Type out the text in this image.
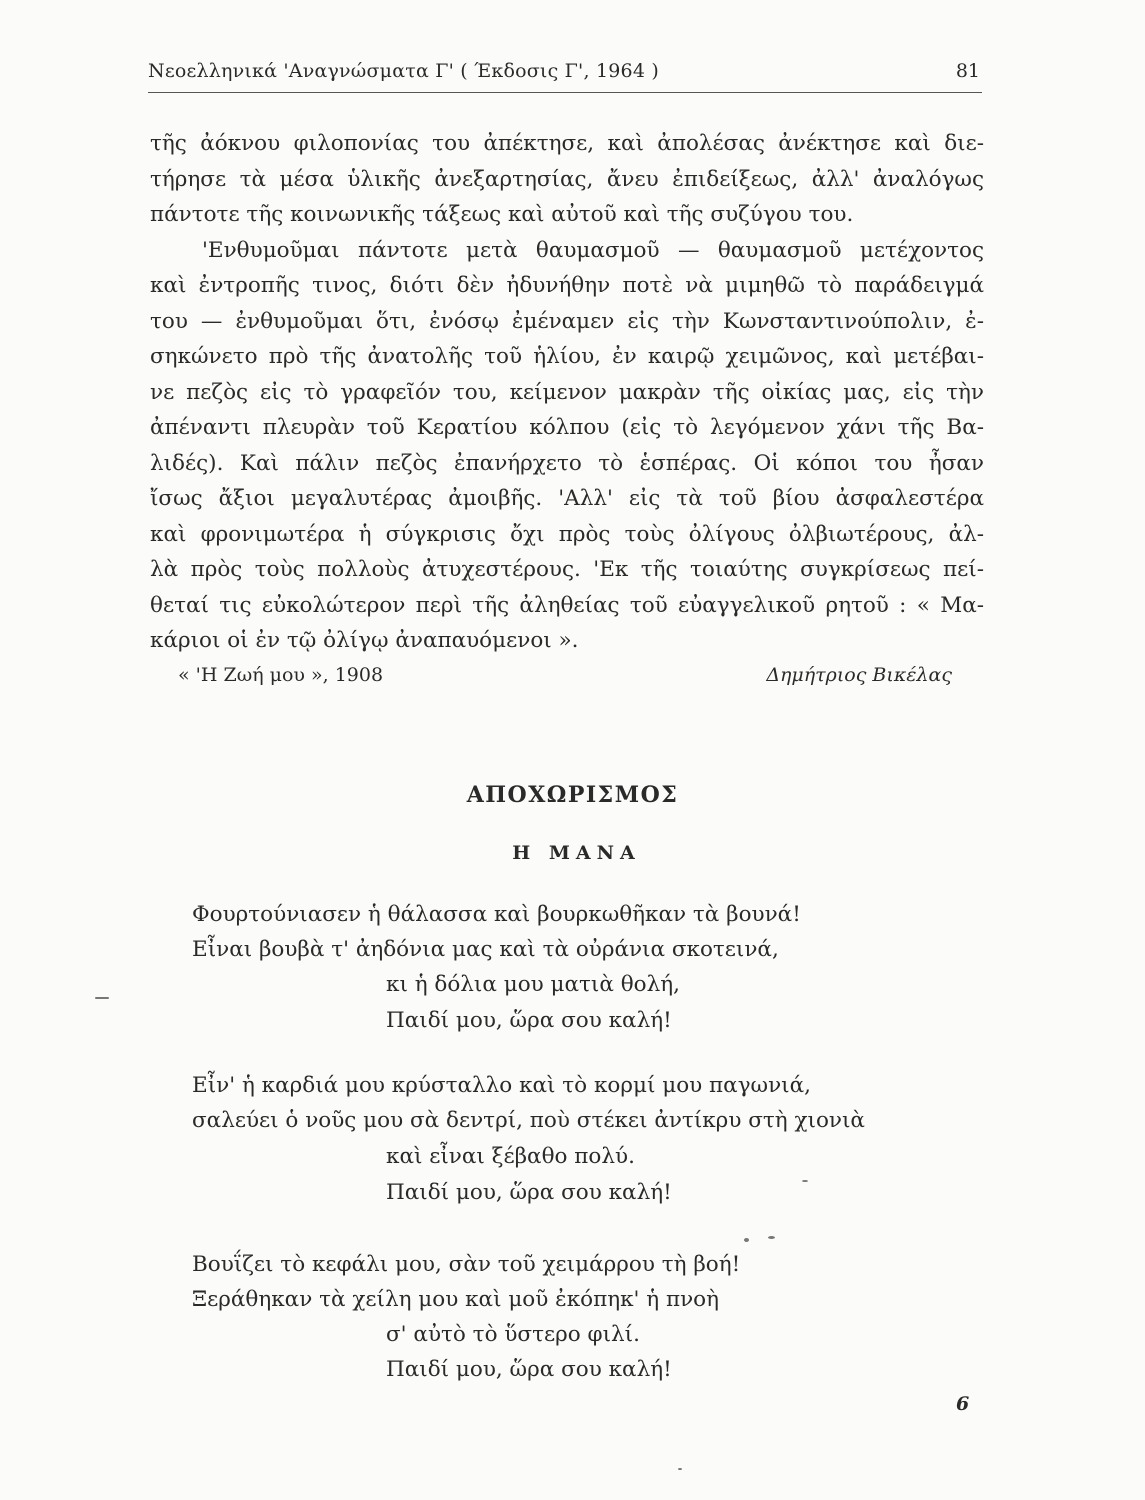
Νεοελληνικά 'Αναγνώσματα Γ' ( Έκδοσις Γ', 1964 )	81
τῆς ἀόκνου φιλοπονίας του ἀπέκτησε, καὶ ἀπολέσας ἀνέκτησε καὶ διε-
τήρησε τὰ μέσα ὑλικῆς ἀνεξαρτησίας, ἄνευ ἐπιδείξεως, ἀλλ' ἀναλόγως
πάντοτε τῆς κοινωνικῆς τάξεως καὶ αὐτοῦ καὶ τῆς συζύγου του.
'Ενθυμοῦμαι πάντοτε μετὰ θαυμασμοῦ — θαυμασμοῦ μετέχοντος
καὶ ἐντροπῆς τινος, διότι δὲν ἠδυνήθην ποτὲ νὰ μιμηθῶ τὸ παράδειγμά
του — ἐνθυμοῦμαι ὅτι, ἐνόσῳ ἐμέναμεν εἰς τὴν Κωνσταντινούπολιν, ἐ-
σηκώνετο πρὸ τῆς ἀνατολῆς τοῦ ἡλίου, ἐν καιρῷ χειμῶνος, καὶ μετέβαι-
νε πεζὸς εἰς τὸ γραφεῖόν του, κείμενον μακρὰν τῆς οἰκίας μας, εἰς τὴν
ἀπέναντι πλευρὰν τοῦ Κερατίου κόλπου (εἰς τὸ λεγόμενον χάνι τῆς Βα-
λιδές). Καὶ πάλιν πεζὸς ἐπανήρχετο τὸ ἑσπέρας. Οἱ κόποι του ἦσαν
ἴσως ἄξιοι μεγαλυτέρας ἀμοιβῆς. 'Αλλ' εἰς τὰ τοῦ βίου ἀσφαλεστέρα
καὶ φρονιμωτέρα ἡ σύγκρισις ὄχι πρὸς τοὺς ὀλίγους ὀλβιωτέρους, ἀλ-
λὰ πρὸς τοὺς πολλοὺς ἀτυχεστέρους. 'Εκ τῆς τοιαύτης συγκρίσεως πεί-
θεταί τις εὐκολώτερον περὶ τῆς ἀληθείας τοῦ εὐαγγελικοῦ ρητοῦ : « Μα-
κάριοι οἱ ἐν τῷ ὀλίγῳ ἀναπαυόμενοι ».
« 'Η Ζωή μου », 1908	Δημήτριος Βικέλας
ΑΠΟΧΩΡΙΣΜΟΣ
Η ΜΑΝΑ
Φουρτούνιασεν ἡ θάλασσα καὶ βουρκωθῆκαν τὰ βουνά!
Εἶναι βουβὰ τ' ἀηδόνια μας καὶ τὰ οὐράνια σκοτεινά,
κι ἡ δόλια μου ματιὰ θολή,
Παιδί μου, ὥρα σου καλή!
Εἶν' ἡ καρδιά μου κρύσταλλο καὶ τὸ κορμί μου παγωνιά,
σαλεύει ὁ νοῦς μου σὰ δεντρί, ποὺ στέκει ἀντίκρυ στὴ χιονιὰ
καὶ εἶναι ξέβαθο πολύ.
Παιδί μου, ὥρα σου καλή!
Βουΐζει τὸ κεφάλι μου, σὰν τοῦ χειμάρρου τὴ βοή!
Ξεράθηκαν τὰ χείλη μου καὶ μοῦ ἐκόπηκ' ἡ πνοὴ
σ' αὐτὸ τὸ ὕστερο φιλί.
Παιδί μου, ὥρα σου καλή!
6
